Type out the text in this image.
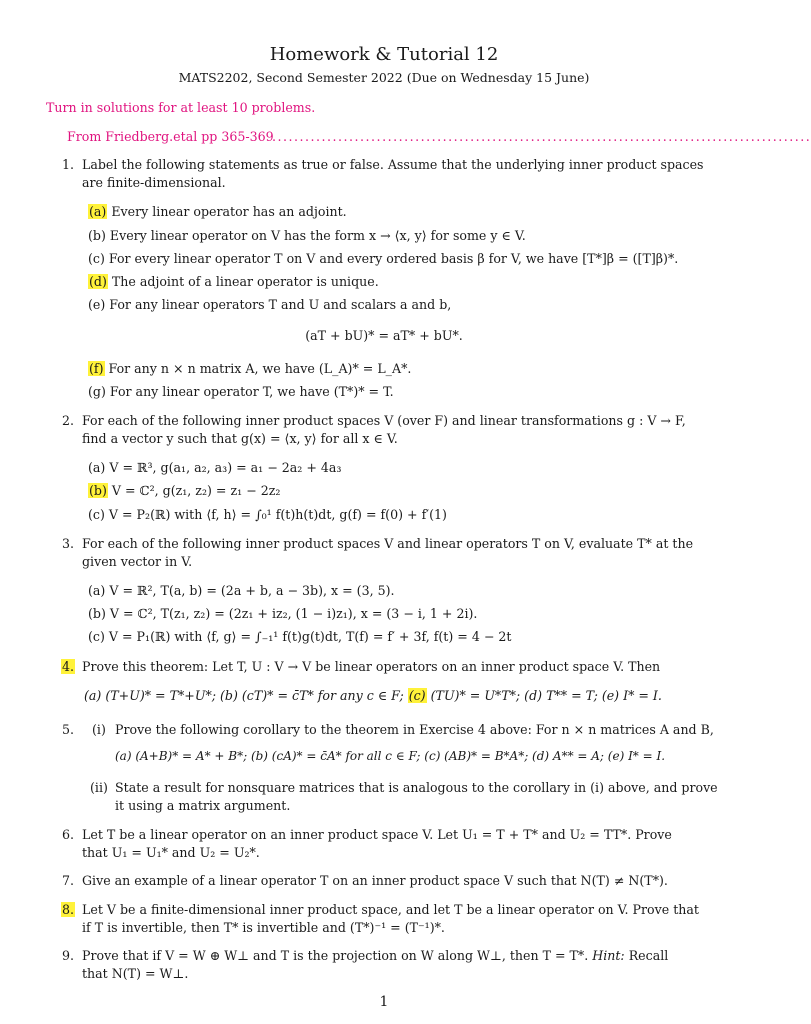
Homework & Tutorial 12
MATS2202, Second Semester 2022 (Due on Wednesday 15 June)
Turn in solutions for at least 10 problems.
From Friedberg.etal pp 365-369
..................................................................................................
1. Label the following statements as true or false. Assume that the underlying inner product spaces
are finite-dimensional.
(a) Every linear operator has an adjoint.
(b) Every linear operator on V has the form x → ⟨x, y⟩ for some y ∈ V.
(c) For every linear operator T on V and every ordered basis β for V, we have [T*]β = ([T]β)*.
(d) The adjoint of a linear operator is unique.
(e) For any linear operators T and U and scalars a and b,
(aT + bU)* = aT* + bU*.
(f) For any n × n matrix A, we have (L_A)* = L_A*.
(g) For any linear operator T, we have (T*)* = T.
2. For each of the following inner product spaces V (over F) and linear transformations g : V → F,
find a vector y such that g(x) = ⟨x, y⟩ for all x ∈ V.
(a) V = ℝ³, g(a₁, a₂, a₃) = a₁ − 2a₂ + 4a₃
(b) V = ℂ², g(z₁, z₂) = z₁ − 2z₂
(c) V = P₂(ℝ) with ⟨f, h⟩ = ∫₀¹ f(t)h(t)dt, g(f) = f(0) + f′(1)
3. For each of the following inner product spaces V and linear operators T on V, evaluate T* at the
given vector in V.
(a) V = ℝ², T(a, b) = (2a + b, a − 3b), x = (3, 5).
(b) V = ℂ², T(z₁, z₂) = (2z₁ + iz₂, (1 − i)z₁), x = (3 − i, 1 + 2i).
(c) V = P₁(ℝ) with ⟨f, g⟩ = ∫₋₁¹ f(t)g(t)dt, T(f) = f′ + 3f, f(t) = 4 − 2t
4. Prove this theorem: Let T, U : V → V be linear operators on an inner product space V. Then
(a) (T+U)* = T*+U*; (b) (cT)* = c̄T* for any c ∈ F; (c) (TU)* = U*T*; (d) T** = T; (e) I* = I.
5. (i) Prove the following corollary to the theorem in Exercise 4 above: For n × n matrices A and B,
(a) (A+B)* = A* + B*; (b) (cA)* = c̄A* for all c ∈ F; (c) (AB)* = B*A*; (d) A** = A; (e) I* = I.
(ii) State a result for nonsquare matrices that is analogous to the corollary in (i) above, and prove
it using a matrix argument.
6. Let T be a linear operator on an inner product space V. Let U₁ = T + T* and U₂ = TT*. Prove
that U₁ = U₁* and U₂ = U₂*.
7. Give an example of a linear operator T on an inner product space V such that N(T) ≠ N(T*).
8. Let V be a finite-dimensional inner product space, and let T be a linear operator on V. Prove that
if T is invertible, then T* is invertible and (T*)⁻¹ = (T⁻¹)*.
9. Prove that if V = W ⊕ W⊥ and T is the projection on W along W⊥, then T = T*. Hint: Recall
that N(T) = W⊥.
1
